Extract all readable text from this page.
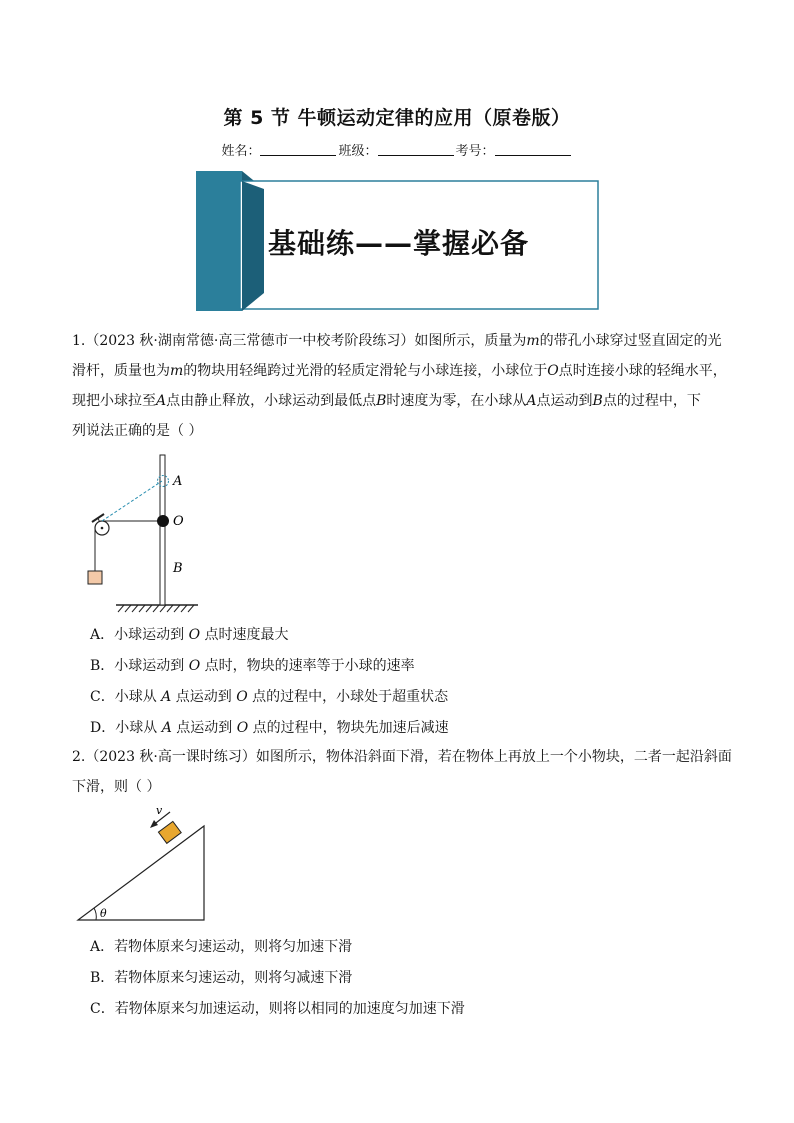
第 5 节 牛顿运动定律的应用（原卷版）
姓名：	班级：	考号：
基础练——掌握必备
1.（2023 秋·湖南常德·高三常德市一中校考阶段练习）如图所示，质量为m的带孔小球穿过竖直固定的光
滑杆，质量也为m的物块用轻绳跨过光滑的轻质定滑轮与小球连接，小球位于O点时连接小球的轻绳水平，
现把小球拉至A点由静止释放，小球运动到最低点B时速度为零，在小球从A点运动到B点的过程中，下
列说法正确的是（ ）
A
O
B
A．小球运动到 O 点时速度最大
B．小球运动到 O 点时，物块的速率等于小球的速率
C．小球从 A 点运动到 O 点的过程中，小球处于超重状态
D．小球从 A 点运动到 O 点的过程中，物块先加速后减速
2.（2023 秋·高一课时练习）如图所示，物体沿斜面下滑，若在物体上再放上一个小物块，二者一起沿斜面
下滑，则（ ）
v
θ
A．若物体原来匀速运动，则将匀加速下滑
B．若物体原来匀速运动，则将匀减速下滑
C．若物体原来匀加速运动，则将以相同的加速度匀加速下滑
